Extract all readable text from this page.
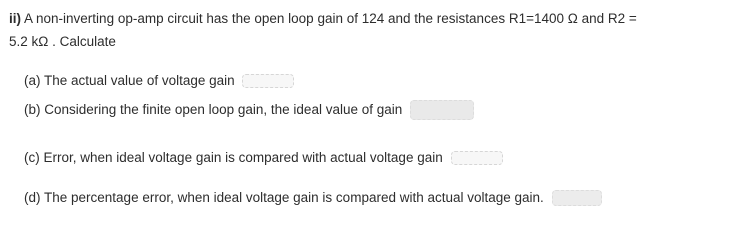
ii) A non-inverting op-amp circuit has the open loop gain of 124 and the resistances R1=1400 Ω and R2 =
5.2 kΩ . Calculate
(a) The actual value of voltage gain
(b) Considering the finite open loop gain, the ideal value of gain
(c) Error, when ideal voltage gain is compared with actual voltage gain
(d) The percentage error, when ideal voltage gain is compared with actual voltage gain.
